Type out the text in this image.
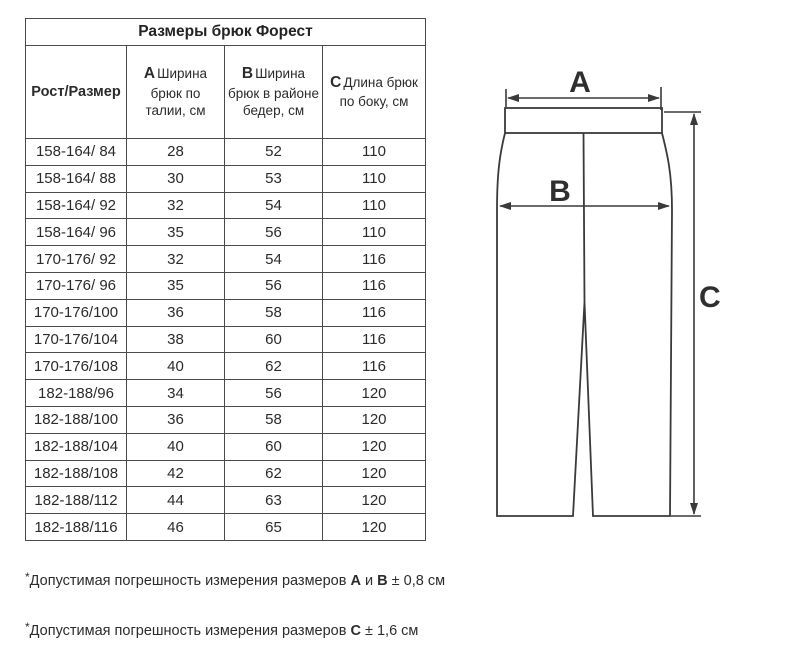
Размеры брюк Форест			
Рост/Размер	A Ширина брюк по талии, см	B Ширина брюк в районе бедер, см	C Длина брюк по боку, см
158-164/ 84	28	52	110
158-164/ 88	30	53	110
158-164/ 92	32	54	110
158-164/ 96	35	56	110
170-176/ 92	32	54	116
170-176/ 96	35	56	116
170-176/100	36	58	116
170-176/104	38	60	116
170-176/108	40	62	116
182-188/96	34	56	120
182-188/100	36	58	120
182-188/104	40	60	120
182-188/108	42	62	120
182-188/112	44	63	120
182-188/116	46	65	120
A
B
C
*Допустимая погрешность измерения размеров A и B ± 0,8 см
*Допустимая погрешность измерения размеров C ± 1,6 см
